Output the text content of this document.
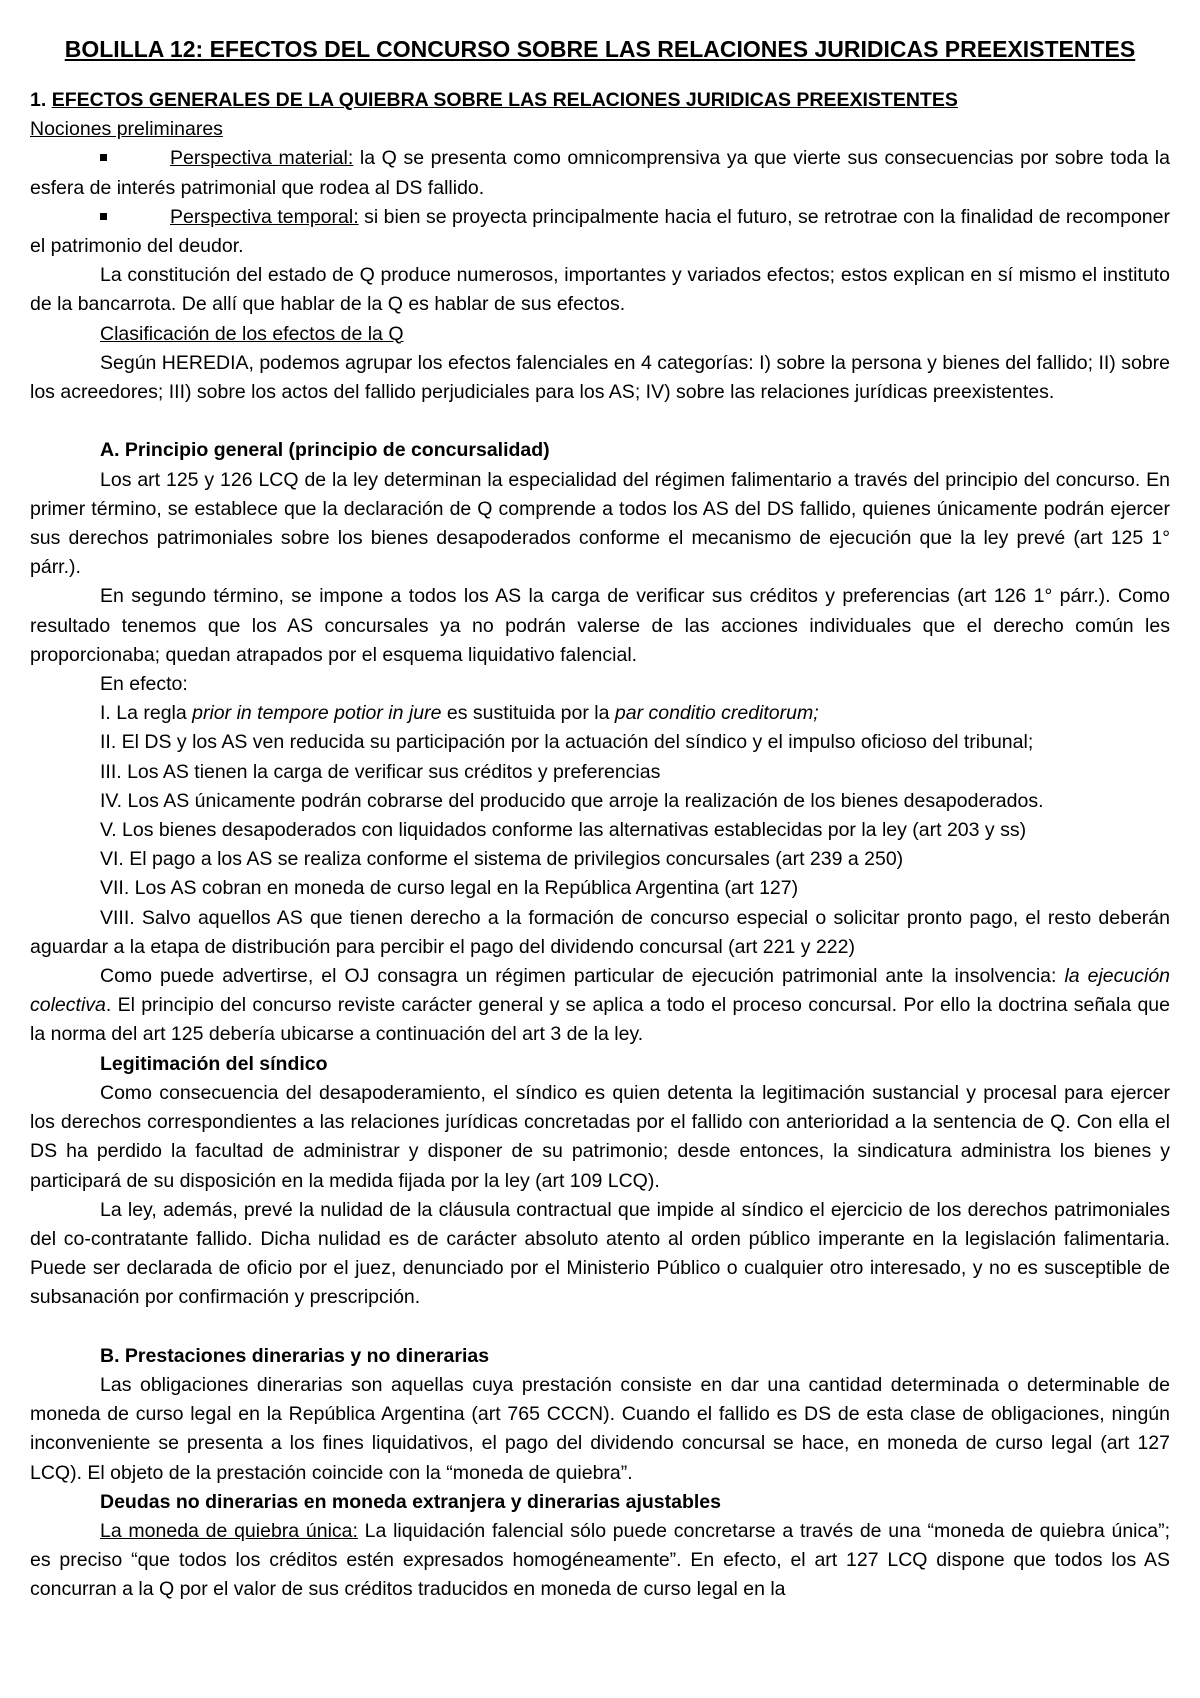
BOLILLA 12: EFECTOS DEL CONCURSO SOBRE LAS RELACIONES JURIDICAS PREEXISTENTES

1. EFECTOS GENERALES DE LA QUIEBRA SOBRE LAS RELACIONES JURIDICAS PREEXISTENTES

Nociones preliminares

Perspectiva material: la Q se presenta como omnicomprensiva ya que vierte sus consecuencias por sobre toda la esfera de interés patrimonial que rodea al DS fallido.

Perspectiva temporal: si bien se proyecta principalmente hacia el futuro, se retrotrae con la finalidad de recomponer el patrimonio del deudor.

La constitución del estado de Q produce numerosos, importantes y variados efectos; estos explican en sí mismo el instituto de la bancarrota. De allí que hablar de la Q es hablar de sus efectos.

Clasificación de los efectos de la Q

Según HEREDIA, podemos agrupar los efectos falenciales en 4 categorías: I) sobre la persona y bienes del fallido; II) sobre los acreedores; III) sobre los actos del fallido perjudiciales para los AS; IV) sobre las relaciones jurídicas preexistentes.

A. Principio general (principio de concursalidad)

Los art 125 y 126 LCQ de la ley determinan la especialidad del régimen falimentario a través del principio del concurso. En primer término, se establece que la declaración de Q comprende a todos los AS del DS fallido, quienes únicamente podrán ejercer sus derechos patrimoniales sobre los bienes desapoderados conforme el mecanismo de ejecución que la ley prevé (art 125 1° párr.).

En segundo término, se impone a todos los AS la carga de verificar sus créditos y preferencias (art 126 1° párr.). Como resultado tenemos que los AS concursales ya no podrán valerse de las acciones individuales que el derecho común les proporcionaba; quedan atrapados por el esquema liquidativo falencial.

En efecto:

I. La regla prior in tempore potior in jure es sustituida por la par conditio creditorum;

II. El DS y los AS ven reducida su participación por la actuación del síndico y el impulso oficioso del tribunal;

III. Los AS tienen la carga de verificar sus créditos y preferencias

IV. Los AS únicamente podrán cobrarse del producido que arroje la realización de los bienes desapoderados.

V. Los bienes desapoderados con liquidados conforme las alternativas establecidas por la ley (art 203 y ss)

VI. El pago a los AS se realiza conforme el sistema de privilegios concursales (art 239 a 250)

VII. Los AS cobran en moneda de curso legal en la República Argentina (art 127)

VIII. Salvo aquellos AS que tienen derecho a la formación de concurso especial o solicitar pronto pago, el resto deberán aguardar a la etapa de distribución para percibir el pago del dividendo concursal (art 221 y 222)

Como puede advertirse, el OJ consagra un régimen particular de ejecución patrimonial ante la insolvencia: la ejecución colectiva. El principio del concurso reviste carácter general y se aplica a todo el proceso concursal. Por ello la doctrina señala que la norma del art 125 debería ubicarse a continuación del art 3 de la ley.

Legitimación del síndico

Como consecuencia del desapoderamiento, el síndico es quien detenta la legitimación sustancial y procesal para ejercer los derechos correspondientes a las relaciones jurídicas concretadas por el fallido con anterioridad a la sentencia de Q. Con ella el DS ha perdido la facultad de administrar y disponer de su patrimonio; desde entonces, la sindicatura administra los bienes y participará de su disposición en la medida fijada por la ley (art 109 LCQ).

La ley, además, prevé la nulidad de la cláusula contractual que impide al síndico el ejercicio de los derechos patrimoniales del co-contratante fallido. Dicha nulidad es de carácter absoluto atento al orden público imperante en la legislación falimentaria. Puede ser declarada de oficio por el juez, denunciado por el Ministerio Público o cualquier otro interesado, y no es susceptible de subsanación por confirmación y prescripción.

B. Prestaciones dinerarias y no dinerarias

Las obligaciones dinerarias son aquellas cuya prestación consiste en dar una cantidad determinada o determinable de moneda de curso legal en la República Argentina (art 765 CCCN). Cuando el fallido es DS de esta clase de obligaciones, ningún inconveniente se presenta a los fines liquidativos, el pago del dividendo concursal se hace, en moneda de curso legal (art 127 LCQ). El objeto de la prestación coincide con la “moneda de quiebra”.

Deudas no dinerarias en moneda extranjera y dinerarias ajustables

La moneda de quiebra única: La liquidación falencial sólo puede concretarse a través de una “moneda de quiebra única”; es preciso “que todos los créditos estén expresados homogéneamente”. En efecto, el art 127 LCQ dispone que todos los AS concurran a la Q por el valor de sus créditos traducidos en moneda de curso legal en la
